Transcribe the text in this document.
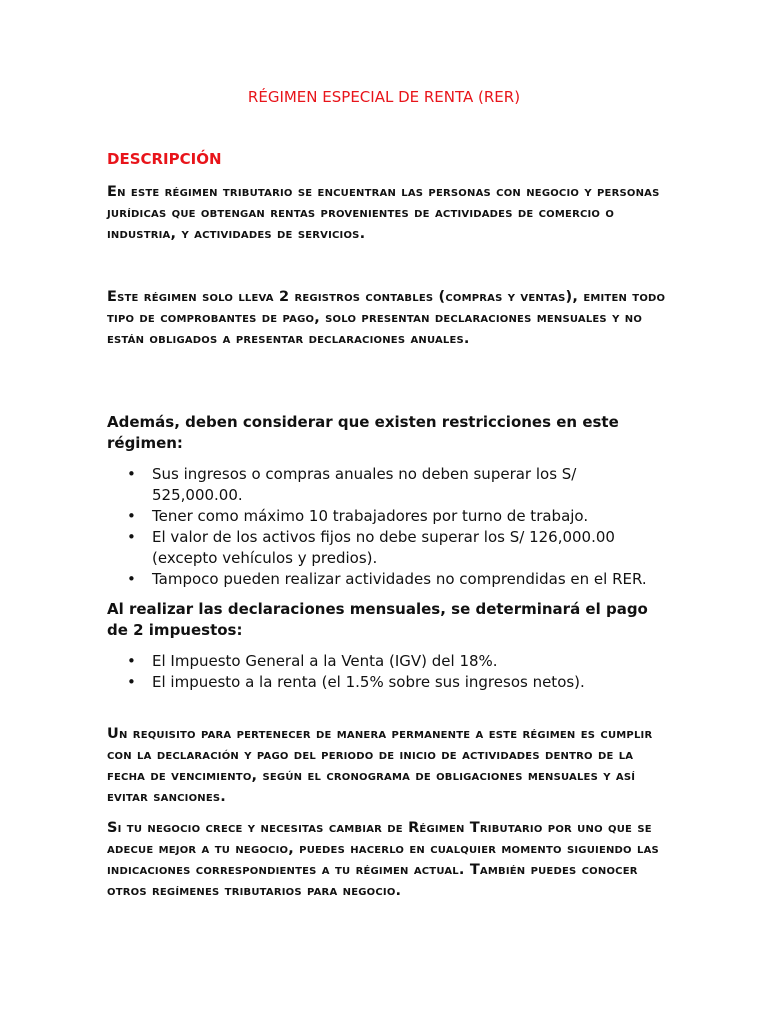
RÉGIMEN ESPECIAL DE RENTA (RER)
DESCRIPCIÓN

En este régimen tributario se encuentran las personas con negocio y personas jurídicas que obtengan rentas provenientes de actividades de comercio o industria, y actividades de servicios.

Este régimen solo lleva 2 registros contables (compras y ventas), emiten todo tipo de comprobantes de pago, solo presentan declaraciones mensuales y no están obligados a presentar declaraciones anuales.

Además, deben considerar que existen restricciones en este régimen:

• Sus ingresos o compras anuales no deben superar los S/ 525,000.00.
• Tener como máximo 10 trabajadores por turno de trabajo.
• El valor de los activos fijos no debe superar los S/ 126,000.00 (excepto vehículos y predios).
• Tampoco pueden realizar actividades no comprendidas en el RER.

Al realizar las declaraciones mensuales, se determinará el pago de 2 impuestos:

• El Impuesto General a la Venta (IGV) del 18%.
• El impuesto a la renta (el 1.5% sobre sus ingresos netos).

Un requisito para pertenecer de manera permanente a este régimen es cumplir con la declaración y pago del periodo de inicio de actividades dentro de la fecha de vencimiento, según el cronograma de obligaciones mensuales y así evitar sanciones.

Si tu negocio crece y necesitas cambiar de Régimen Tributario por uno que se adecue mejor a tu negocio, puedes hacerlo en cualquier momento siguiendo las indicaciones correspondientes a tu régimen actual. También puedes conocer otros regímenes tributarios para negocio.
